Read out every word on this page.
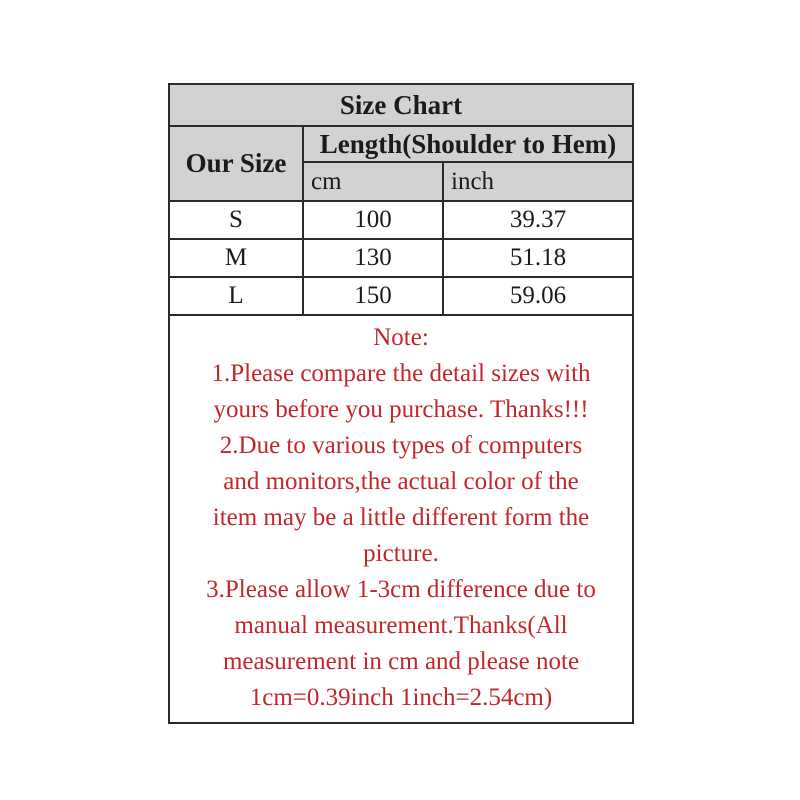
Size Chart		
Our Size	Length(Shoulder to Hem)	
	cm	inch
S	100	39.37
M	130	51.18
L	150	59.06

Note:
1.Please compare the detail sizes with
yours before you purchase. Thanks!!!
2.Due to various types of computers
and monitors,the actual color of the
item may be a little different form the
picture.
3.Please allow 1-3cm difference due to
manual measurement.Thanks(All
measurement in cm and please note
1cm=0.39inch 1inch=2.54cm)
